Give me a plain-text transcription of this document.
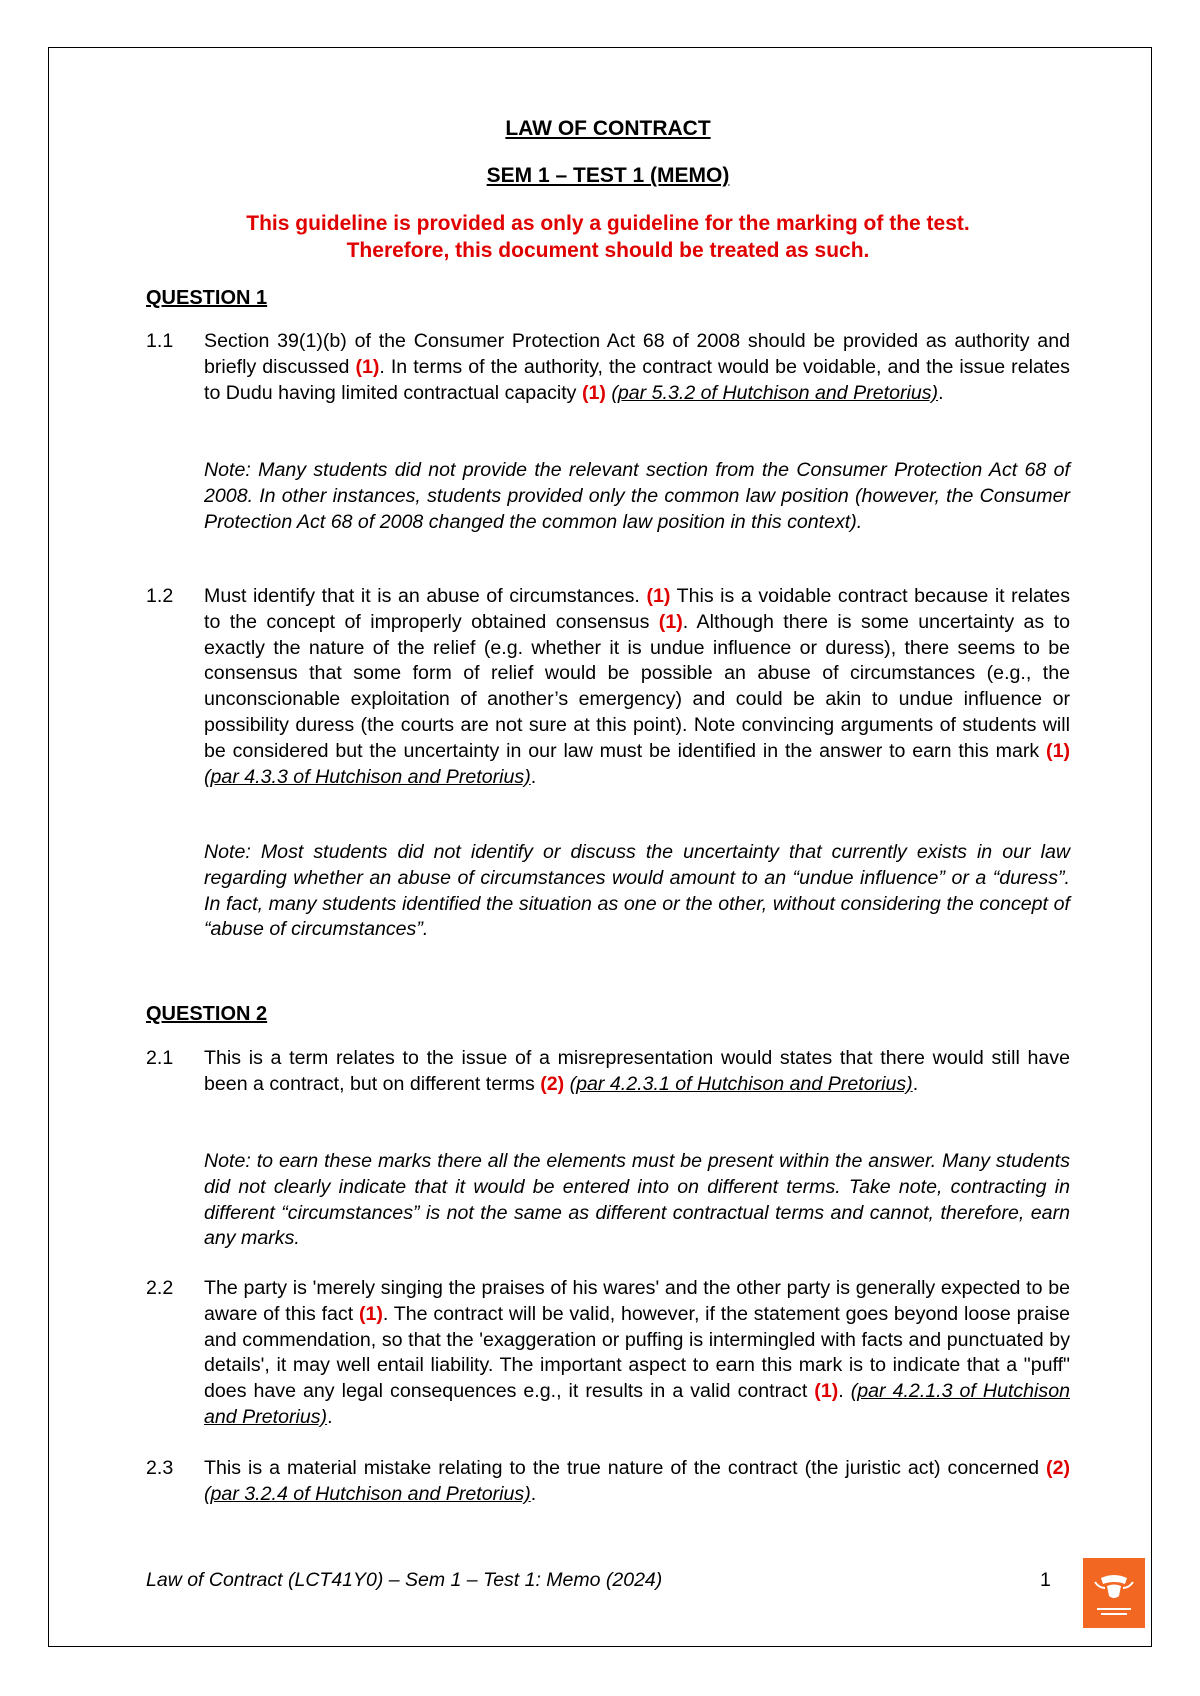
LAW OF CONTRACT
SEM 1 – TEST 1 (MEMO)
This guideline is provided as only a guideline for the marking of the test.
Therefore, this document should be treated as such.
QUESTION 1
1.1	Section 39(1)(b) of the Consumer Protection Act 68 of 2008 should be provided as authority and briefly discussed (1). In terms of the authority, the contract would be voidable, and the issue relates to Dudu having limited contractual capacity (1) (par 5.3.2 of Hutchison and Pretorius).
Note: Many students did not provide the relevant section from the Consumer Protection Act 68 of 2008. In other instances, students provided only the common law position (however, the Consumer Protection Act 68 of 2008 changed the common law position in this context).
1.2	Must identify that it is an abuse of circumstances. (1) This is a voidable contract because it relates to the concept of improperly obtained consensus (1). Although there is some uncertainty as to exactly the nature of the relief (e.g. whether it is undue influence or duress), there seems to be consensus that some form of relief would be possible an abuse of circumstances (e.g., the unconscionable exploitation of another’s emergency) and could be akin to undue influence or possibility duress (the courts are not sure at this point). Note convincing arguments of students will be considered but the uncertainty in our law must be identified in the answer to earn this mark (1) (par 4.3.3 of Hutchison and Pretorius).
Note: Most students did not identify or discuss the uncertainty that currently exists in our law regarding whether an abuse of circumstances would amount to an “undue influence” or a “duress”. In fact, many students identified the situation as one or the other, without considering the concept of “abuse of circumstances”.
QUESTION 2
2.1	This is a term relates to the issue of a misrepresentation would states that there would still have been a contract, but on different terms (2) (par 4.2.3.1 of Hutchison and Pretorius).
Note: to earn these marks there all the elements must be present within the answer. Many students did not clearly indicate that it would be entered into on different terms. Take note, contracting in different “circumstances” is not the same as different contractual terms and cannot, therefore, earn any marks.
2.2	The party is 'merely singing the praises of his wares' and the other party is generally expected to be aware of this fact (1). The contract will be valid, however, if the statement goes beyond loose praise and commendation, so that the 'exaggeration or puffing is intermingled with facts and punctuated by details', it may well entail liability. The important aspect to earn this mark is to indicate that a "puff" does have any legal consequences e.g., it results in a valid contract (1). (par 4.2.1.3 of Hutchison and Pretorius).
2.3	This is a material mistake relating to the true nature of the contract (the juristic act) concerned (2) (par 3.2.4 of Hutchison and Pretorius).
Law of Contract (LCT41Y0) – Sem 1 – Test 1: Memo (2024)	1
